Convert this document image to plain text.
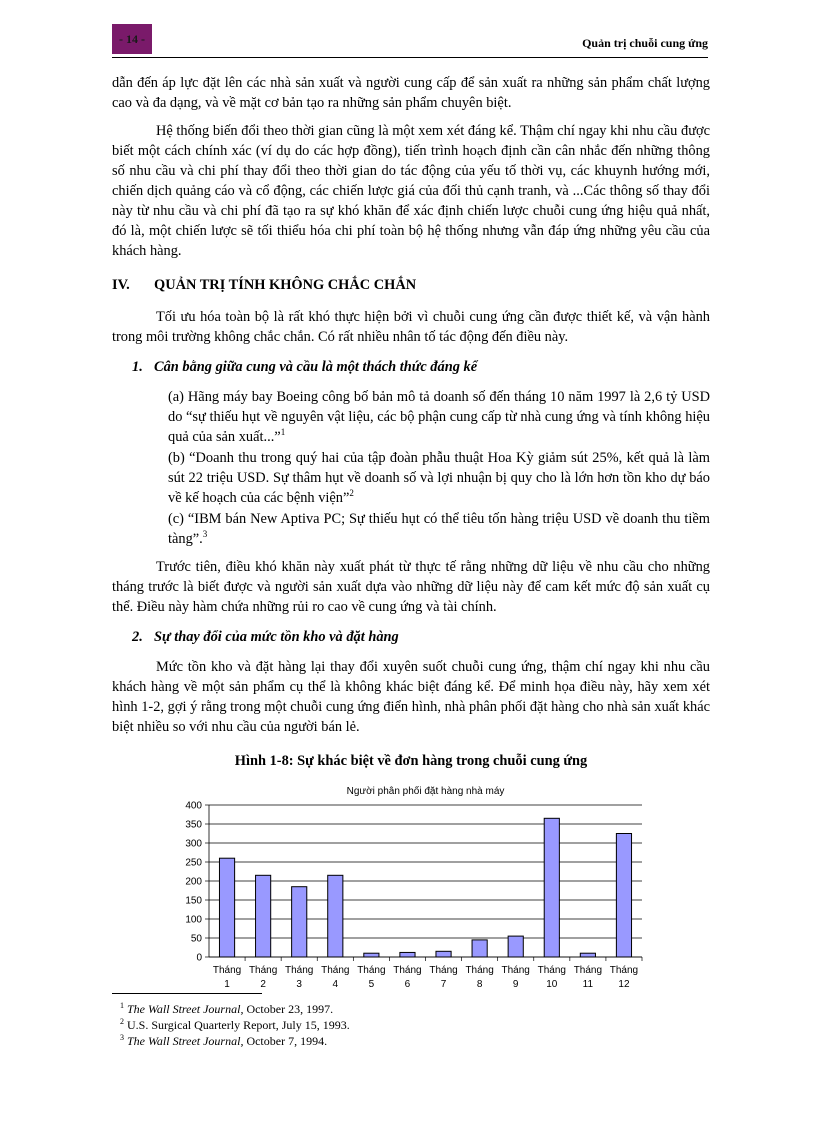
- 14 -	Quản trị chuỗi cung ứng

dẫn đến áp lực đặt lên các nhà sản xuất và người cung cấp để sản xuất ra những sản phẩm chất lượng cao và đa dạng, và về mặt cơ bản tạo ra những sản phẩm chuyên biệt.

Hệ thống biến đổi theo thời gian cũng là một xem xét đáng kể. Thậm chí ngay khi nhu cầu được biết một cách chính xác (ví dụ do các hợp đồng), tiến trình hoạch định cần cân nhắc đến những thông số nhu cầu và chi phí thay đổi theo thời gian do tác động của yếu tố thời vụ, các khuynh hướng mới, chiến dịch quảng cáo và cổ động, các chiến lược giá của đối thủ cạnh tranh, và ...Các thông số thay đổi này từ nhu cầu và chi phí đã tạo ra sự khó khăn để xác định chiến lược chuỗi cung ứng hiệu quả nhất, đó là, một chiến lược sẽ tối thiểu hóa chi phí toàn bộ hệ thống nhưng vẫn đáp ứng những yêu cầu của khách hàng.

IV. QUẢN TRỊ TÍNH KHÔNG CHẮC CHẮN

Tối ưu hóa toàn bộ là rất khó thực hiện bởi vì chuỗi cung ứng cần được thiết kế, và vận hành trong môi trường không chắc chắn. Có rất nhiều nhân tố tác động đến điều này.

1. Cân bằng giữa cung và cầu là một thách thức đáng kể

(a) Hãng máy bay Boeing công bố bản mô tả doanh số đến tháng 10 năm 1997 là 2,6 tỷ USD do “sự thiếu hụt về nguyên vật liệu, các bộ phận cung cấp từ nhà cung ứng và tính không hiệu quả của sản xuất...”$^1$

(b) “Doanh thu trong quý hai của tập đoàn phẫu thuật Hoa Kỳ giảm sút 25%, kết quả là làm sút 22 triệu USD. Sự thâm hụt về doanh số và lợi nhuận bị quy cho là lớn hơn tồn kho dự báo về kế hoạch của các bệnh viện”$^2$

(c) “IBM bán New Aptiva PC; Sự thiếu hụt có thể tiêu tốn hàng triệu USD về doanh thu tiềm tàng”.$^3$

Trước tiên, điều khó khăn này xuất phát từ thực tế rằng những dữ liệu về nhu cầu cho những tháng trước là biết được và người sản xuất dựa vào những dữ liệu này để cam kết mức độ sản xuất cụ thể. Điều này hàm chứa những rủi ro cao về cung ứng và tài chính.

2. Sự thay đổi của mức tồn kho và đặt hàng

Mức tồn kho và đặt hàng lại thay đổi xuyên suốt chuỗi cung ứng, thậm chí ngay khi nhu cầu khách hàng về một sản phẩm cụ thể là không khác biệt đáng kể. Để minh họa điều này, hãy xem xét hình 1-2, gợi ý rằng trong một chuỗi cung ứng điển hình, nhà phân phối đặt hàng cho nhà sản xuất khác biệt nhiều so với nhu cầu của người bán lẻ.

Hình 1-8: Sự khác biệt về đơn hàng trong chuỗi cung ứng
Người phân phối đặt hàng nhà máy
0
50
100
150
200
250
300
350
400
Tháng
1
Tháng
2
Tháng
3
Tháng
4
Tháng
5
Tháng
6
Tháng
7
Tháng
8
Tháng
9
Tháng
10
Tháng
11
Tháng
12
$^1$ The Wall Street Journal, October 23, 1997.
$^2$ U.S. Surgical Quarterly Report, July 15, 1993.
$^3$ The Wall Street Journal, October 7, 1994.
